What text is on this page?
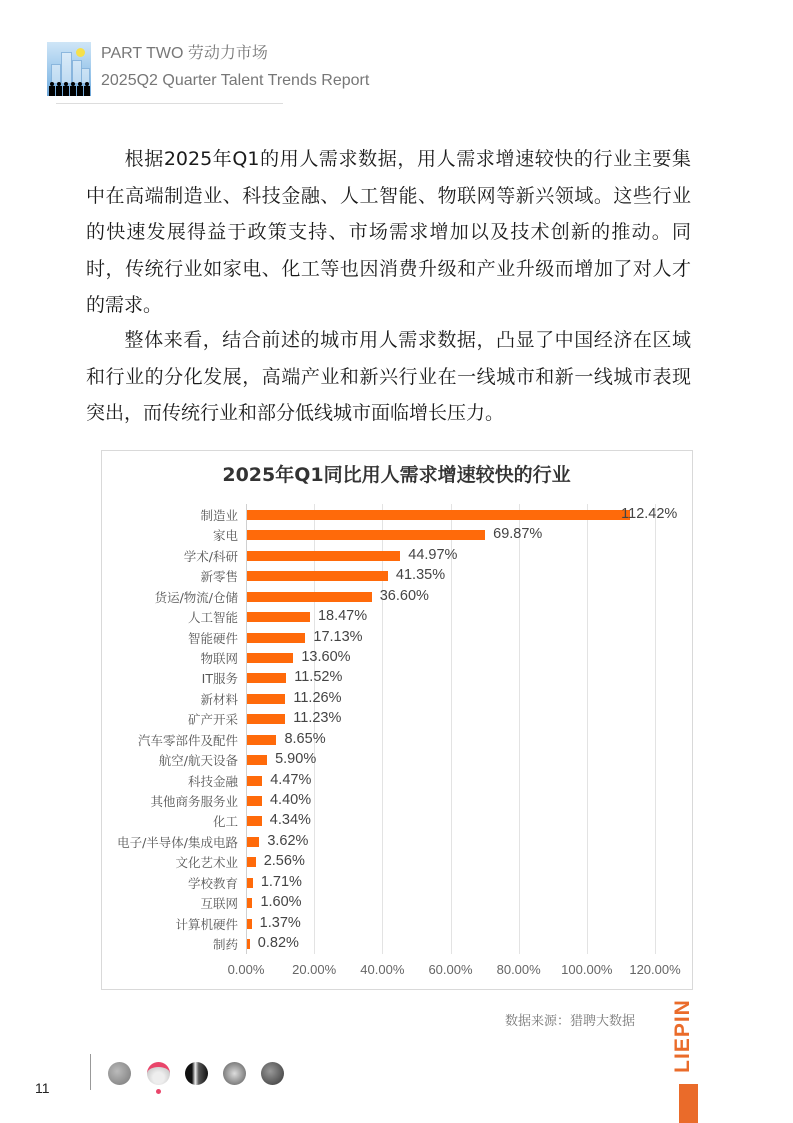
PART TWO 劳动力市场
2025Q2 Quarter Talent Trends Report
根据2025年Q1的用人需求数据，用人需求增速较快的行业主要集中在高端制造业、科技金融、人工智能、物联网等新兴领域。这些行业的快速发展得益于政策支持、市场需求增加以及技术创新的推动。同时，传统行业如家电、化工等也因消费升级和产业升级而增加了对人才的需求。
整体来看，结合前述的城市用人需求数据，凸显了中国经济在区域和行业的分化发展，高端产业和新兴行业在一线城市和新一线城市表现突出，而传统行业和部分低线城市面临增长压力。
2025年Q1同比用人需求增速较快的行业
0.00% 20.00% 40.00% 60.00% 80.00% 100.00% 120.00%
制造业	112.42%
家电	69.87%
学术/科研	44.97%
新零售	41.35%
货运/物流/仓储	36.60%
人工智能	18.47%
智能硬件	17.13%
物联网	13.60%
IT服务	11.52%
新材料	11.26%
矿产开采	11.23%
汽车零部件及配件	8.65%
航空/航天设备	5.90%
科技金融 4.47%
其他商务服务业 4.40%
化工 4.34%
电子/半导体/集成电路 3.62%
文化艺术业 2.56%
学校教育 1.71%
互联网 1.60%
计算机硬件 1.37%
制药 0.82%
数据来源：猎聘大数据 LIEPIN
11
